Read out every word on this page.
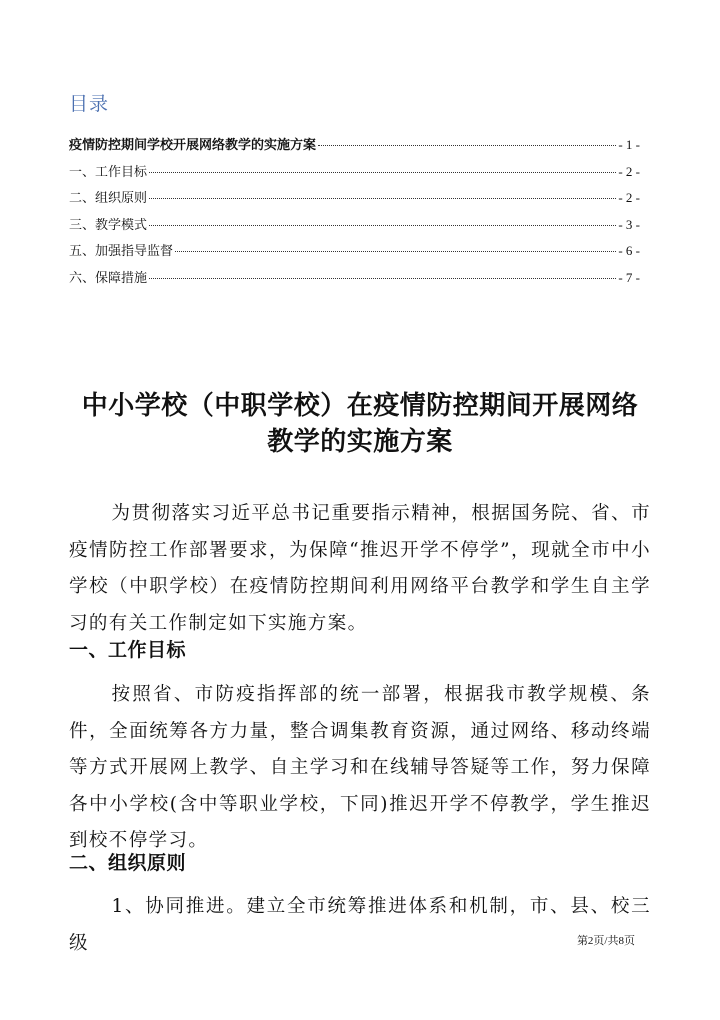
目录
疫情防控期间学校开展网络教学的实施方案	- 1 -
一、工作目标	- 2 -
二、组织原则	- 2 -
三、教学模式	- 3 -
五、加强指导监督	- 6 -
六、保障措施	- 7 -
中小学校（中职学校）在疫情防控期间开展网络
教学的实施方案
为贯彻落实习近平总书记重要指示精神，根据国务院、省、市疫情防控工作部署要求，为保障“推迟开学不停学”，现就全市中小学校（中职学校）在疫情防控期间利用网络平台教学和学生自主学习的有关工作制定如下实施方案。
一、工作目标
按照省、市防疫指挥部的统一部署，根据我市教学规模、条件，全面统筹各方力量，整合调集教育资源，通过网络、移动终端等方式开展网上教学、自主学习和在线辅导答疑等工作，努力保障各中小学校(含中等职业学校，下同)推迟开学不停教学，学生推迟到校不停学习。
二、组织原则
1、协同推进。建立全市统筹推进体系和机制，市、县、校三级	第2页/共8页
